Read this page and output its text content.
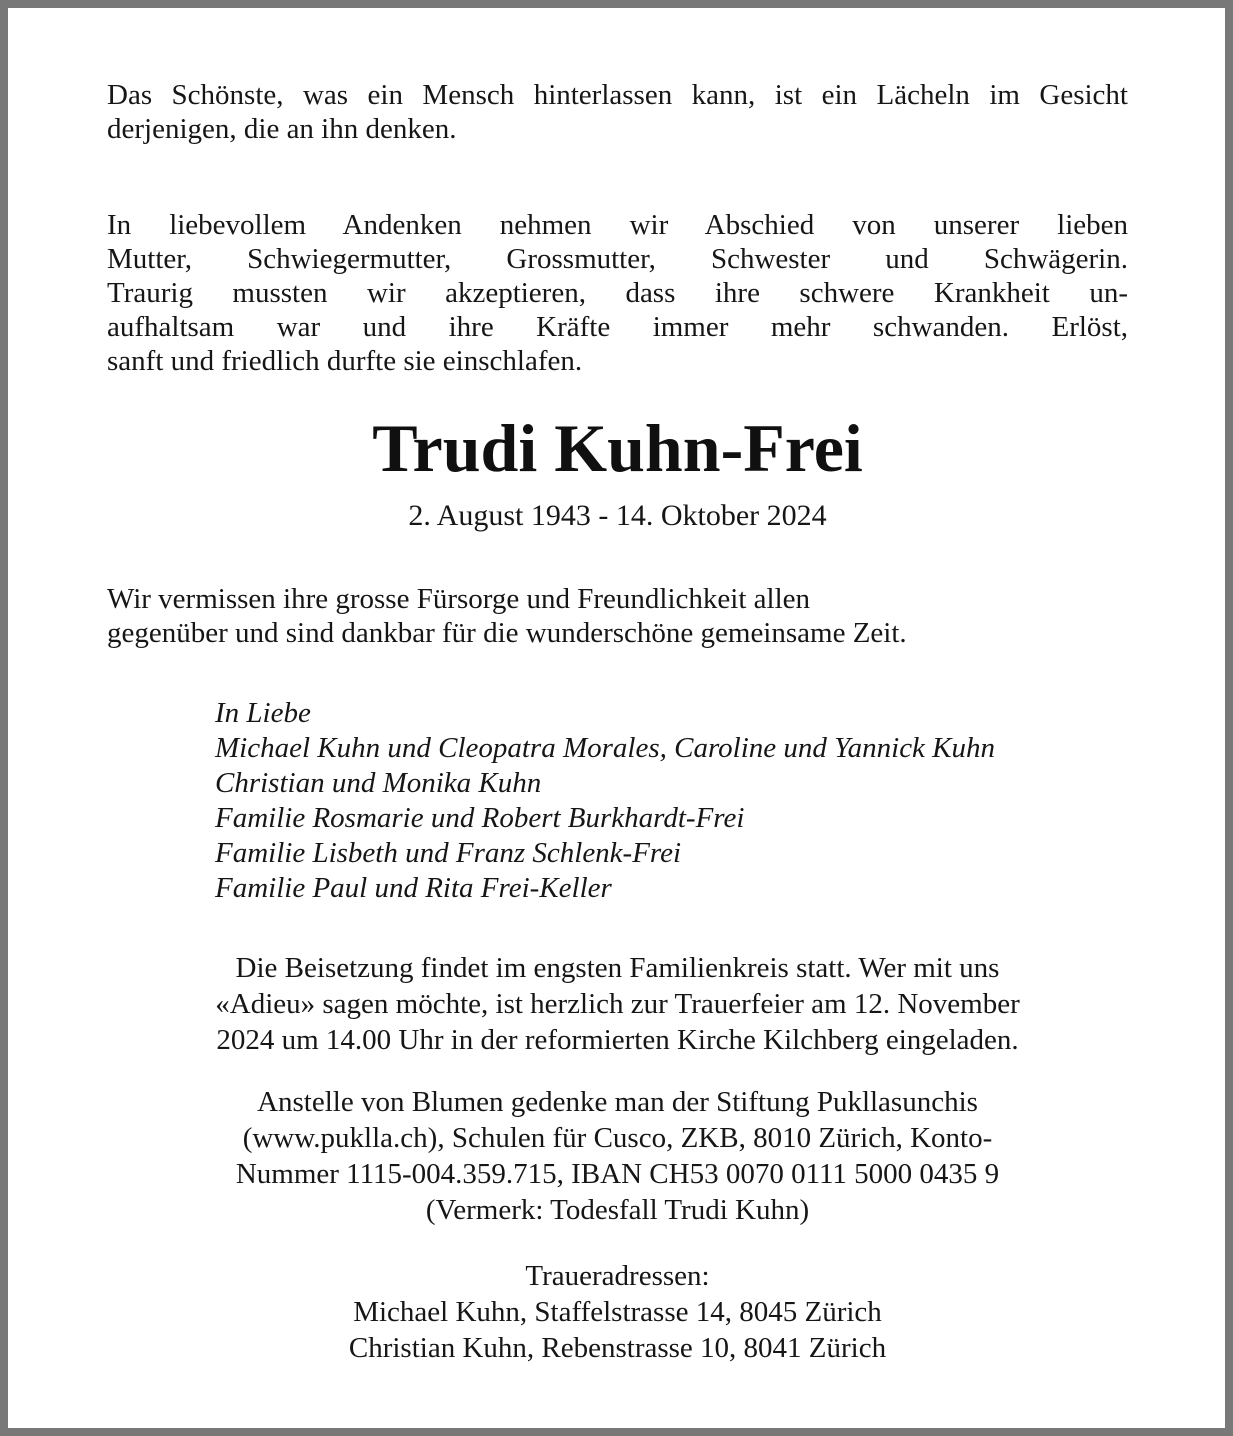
Das Schönste, was ein Mensch hinterlassen kann, ist ein Lächeln im Gesicht
derjenigen, die an ihn denken.

In liebevollem Andenken nehmen wir Abschied von unserer lieben
Mutter, Schwiegermutter, Grossmutter, Schwester und Schwägerin.
Traurig mussten wir akzeptieren, dass ihre schwere Krankheit un-
aufhaltsam war und ihre Kräfte immer mehr schwanden. Erlöst,
sanft und friedlich durfte sie einschlafen.

Trudi Kuhn-Frei
2. August 1943 - 14. Oktober 2024

Wir vermissen ihre grosse Fürsorge und Freundlichkeit allen
gegenüber und sind dankbar für die wunderschöne gemeinsame Zeit.

In Liebe
Michael Kuhn und Cleopatra Morales, Caroline und Yannick Kuhn
Christian und Monika Kuhn
Familie Rosmarie und Robert Burkhardt-Frei
Familie Lisbeth und Franz Schlenk-Frei
Familie Paul und Rita Frei-Keller

Die Beisetzung findet im engsten Familienkreis statt. Wer mit uns
«Adieu» sagen möchte, ist herzlich zur Trauerfeier am 12. November
2024 um 14.00 Uhr in der reformierten Kirche Kilchberg eingeladen.

Anstelle von Blumen gedenke man der Stiftung Pukllasunchis
(www.puklla.ch), Schulen für Cusco, ZKB, 8010 Zürich, Konto-
Nummer 1115-004.359.715, IBAN CH53 0070 0111 5000 0435 9
(Vermerk: Todesfall Trudi Kuhn)

Traueradressen:
Michael Kuhn, Staffelstrasse 14, 8045 Zürich
Christian Kuhn, Rebenstrasse 10, 8041 Zürich
